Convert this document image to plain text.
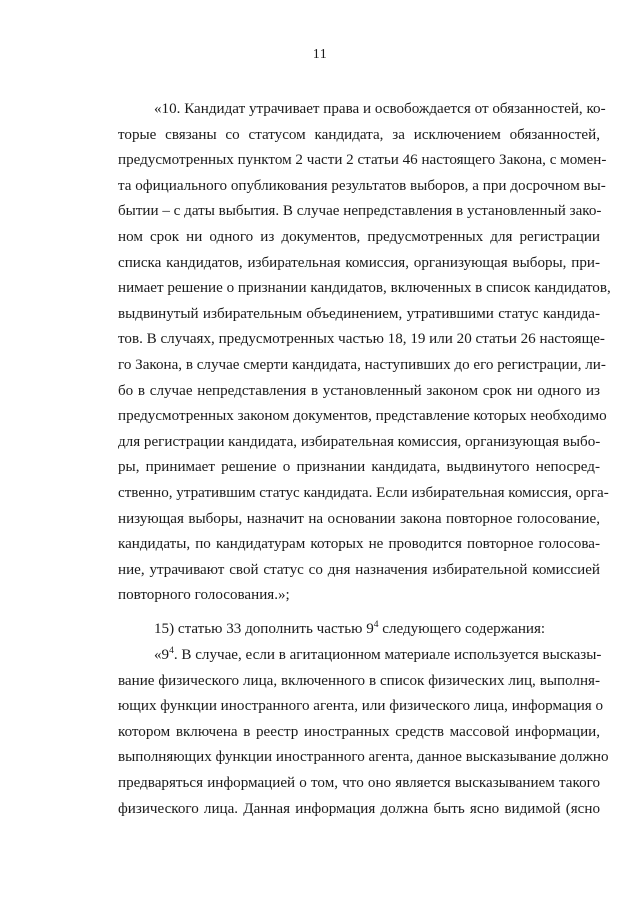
11
«10. Кандидат утрачивает права и освобождается от обязанностей, ко-
торые связаны со статусом кандидата, за исключением обязанностей,
предусмотренных пунктом 2 части 2 статьи 46 настоящего Закона, с момен-
та официального опубликования результатов выборов, а при досрочном вы-
бытии – с даты выбытия. В случае непредставления в установленный зако-
ном срок ни одного из документов, предусмотренных для регистрации
списка кандидатов, избирательная комиссия, организующая выборы, при-
нимает решение о признании кандидатов, включенных в список кандидатов,
выдвинутый избирательным объединением, утратившими статус кандида-
тов. В случаях, предусмотренных частью 18, 19 или 20 статьи 26 настояще-
го Закона, в случае смерти кандидата, наступивших до его регистрации, ли-
бо в случае непредставления в установленный законом срок ни одного из
предусмотренных законом документов, представление которых необходимо
для регистрации кандидата, избирательная комиссия, организующая выбо-
ры, принимает решение о признании кандидата, выдвинутого непосред-
ственно, утратившим статус кандидата. Если избирательная комиссия, орга-
низующая выборы, назначит на основании закона повторное голосование,
кандидаты, по кандидатурам которых не проводится повторное голосова-
ние, утрачивают свой статус со дня назначения избирательной комиссией
повторного голосования.»;
15) статью 33 дополнить частью $9^4$ следующего содержания:
«$9^4$. В случае, если в агитационном материале используется высказы-
вание физического лица, включенного в список физических лиц, выполня-
ющих функции иностранного агента, или физического лица, информация о
котором включена в реестр иностранных средств массовой информации,
выполняющих функции иностранного агента, данное высказывание должно
предваряться информацией о том, что оно является высказыванием такого
физического лица. Данная информация должна быть ясно видимой (ясно
